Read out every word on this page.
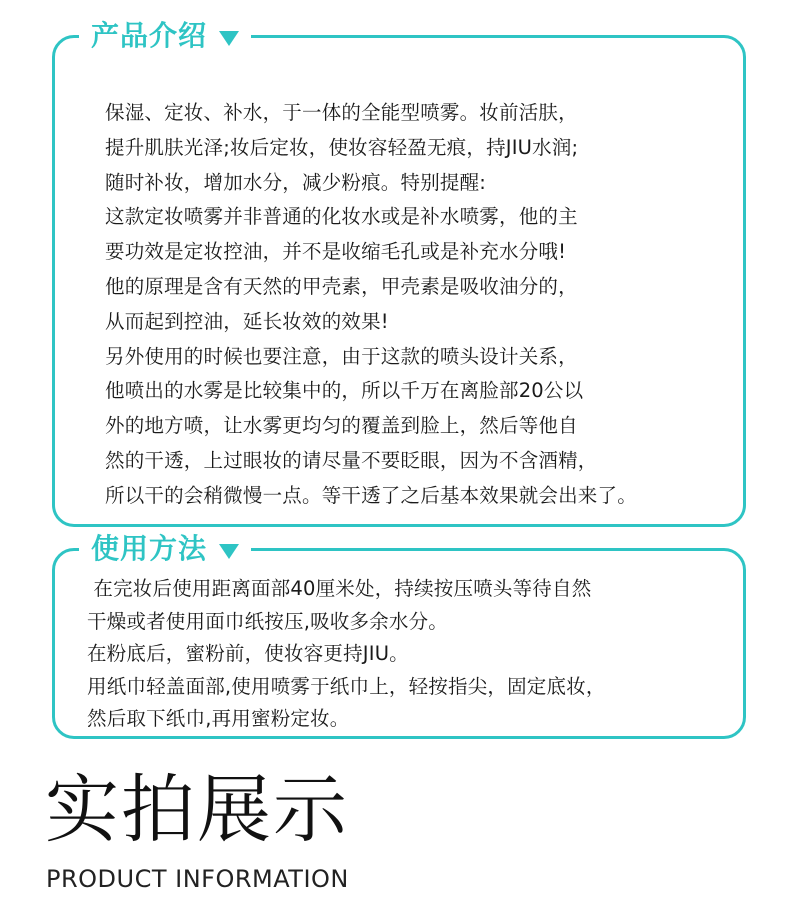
产品介绍
保湿、定妆、补水，于一体的全能型喷雾。妆前活肤，
提升肌肤光泽;妆后定妆，使妆容轻盈无痕，持JIU水润;
随时补妆，增加水分，减少粉痕。特别提醒:
这款定妆喷雾并非普通的化妆水或是补水喷雾，他的主
要功效是定妆控油，并不是收缩毛孔或是补充水分哦!
他的原理是含有天然的甲壳素，甲壳素是吸收油分的，
从而起到控油，延长妆效的效果!
另外使用的时候也要注意，由于这款的喷头设计关系，
他喷出的水雾是比较集中的，所以千万在离脸部20公以
外的地方喷，让水雾更均匀的覆盖到脸上，然后等他自
然的干透，上过眼妆的请尽量不要眨眼，因为不含酒精，
所以干的会稍微慢一点。等干透了之后基本效果就会出来了。
使用方法
在完妆后使用距离面部40厘米处，持续按压喷头等待自然
干燥或者使用面巾纸按压,吸收多余水分。
在粉底后，蜜粉前，使妆容更持JIU。
用纸巾轻盖面部,使用喷雾于纸巾上，轻按指尖，固定底妆，
然后取下纸巾,再用蜜粉定妆。
实拍展示
PRODUCT INFORMATION
